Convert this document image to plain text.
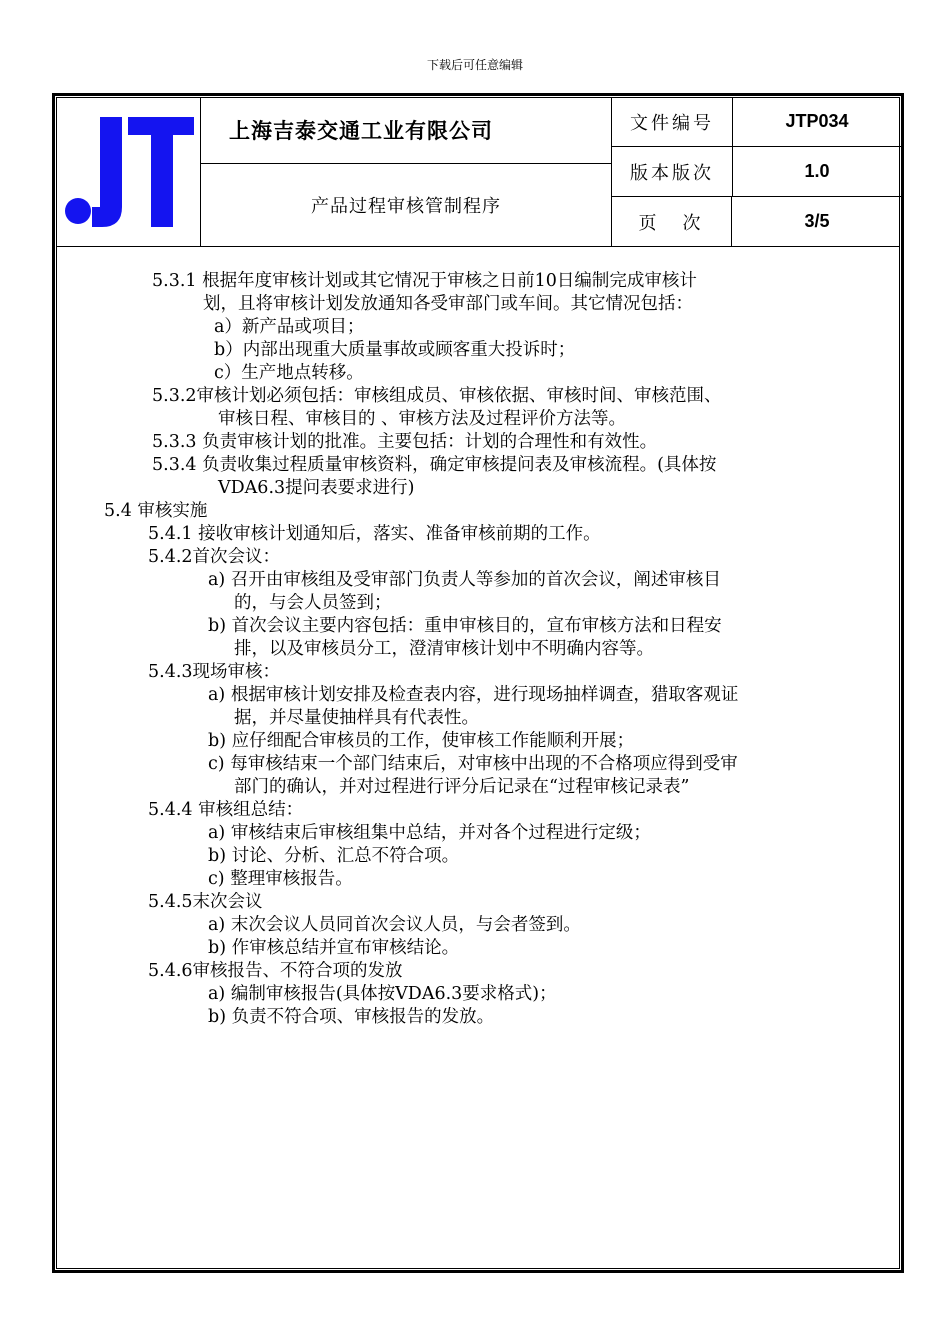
下载后可任意编辑
上海吉泰交通工业有限公司
产品过程审核管制程序
文件编号	JTP034
版本版次	1.0
页次	3/5
5.3.1 根据年度审核计划或其它情况于审核之日前10日编制完成审核计
划，且将审核计划发放通知各受审部门或车间。其它情况包括：
a）新产品或项目；
b）内部出现重大质量事故或顾客重大投诉时；
c）生产地点转移。
5.3.2审核计划必须包括：审核组成员、审核依据、审核时间、审核范围、
审核日程、审核目的 、审核方法及过程评价方法等。
5.3.3 负责审核计划的批准。主要包括：计划的合理性和有效性。
5.3.4 负责收集过程质量审核资料，确定审核提问表及审核流程。(具体按
VDA6.3提问表要求进行)
5.4 审核实施
5.4.1 接收审核计划通知后，落实、准备审核前期的工作。
5.4.2首次会议：
a) 召开由审核组及受审部门负责人等参加的首次会议，阐述审核目
的，与会人员签到；
b) 首次会议主要内容包括：重申审核目的，宣布审核方法和日程安
排，以及审核员分工，澄清审核计划中不明确内容等。
5.4.3现场审核：
a) 根据审核计划安排及检查表内容，进行现场抽样调查，猎取客观证
据，并尽量使抽样具有代表性。
b) 应仔细配合审核员的工作，使审核工作能顺利开展；
c) 每审核结束一个部门结束后，对审核中出现的不合格项应得到受审
部门的确认，并对过程进行评分后记录在“过程审核记录表”
5.4.4 审核组总结：
a) 审核结束后审核组集中总结，并对各个过程进行定级；
b) 讨论、分析、汇总不符合项。
c) 整理审核报告。
5.4.5末次会议
a) 末次会议人员同首次会议人员，与会者签到。
b) 作审核总结并宣布审核结论。
5.4.6审核报告、不符合项的发放
a) 编制审核报告(具体按VDA6.3要求格式)；
b) 负责不符合项、审核报告的发放。
